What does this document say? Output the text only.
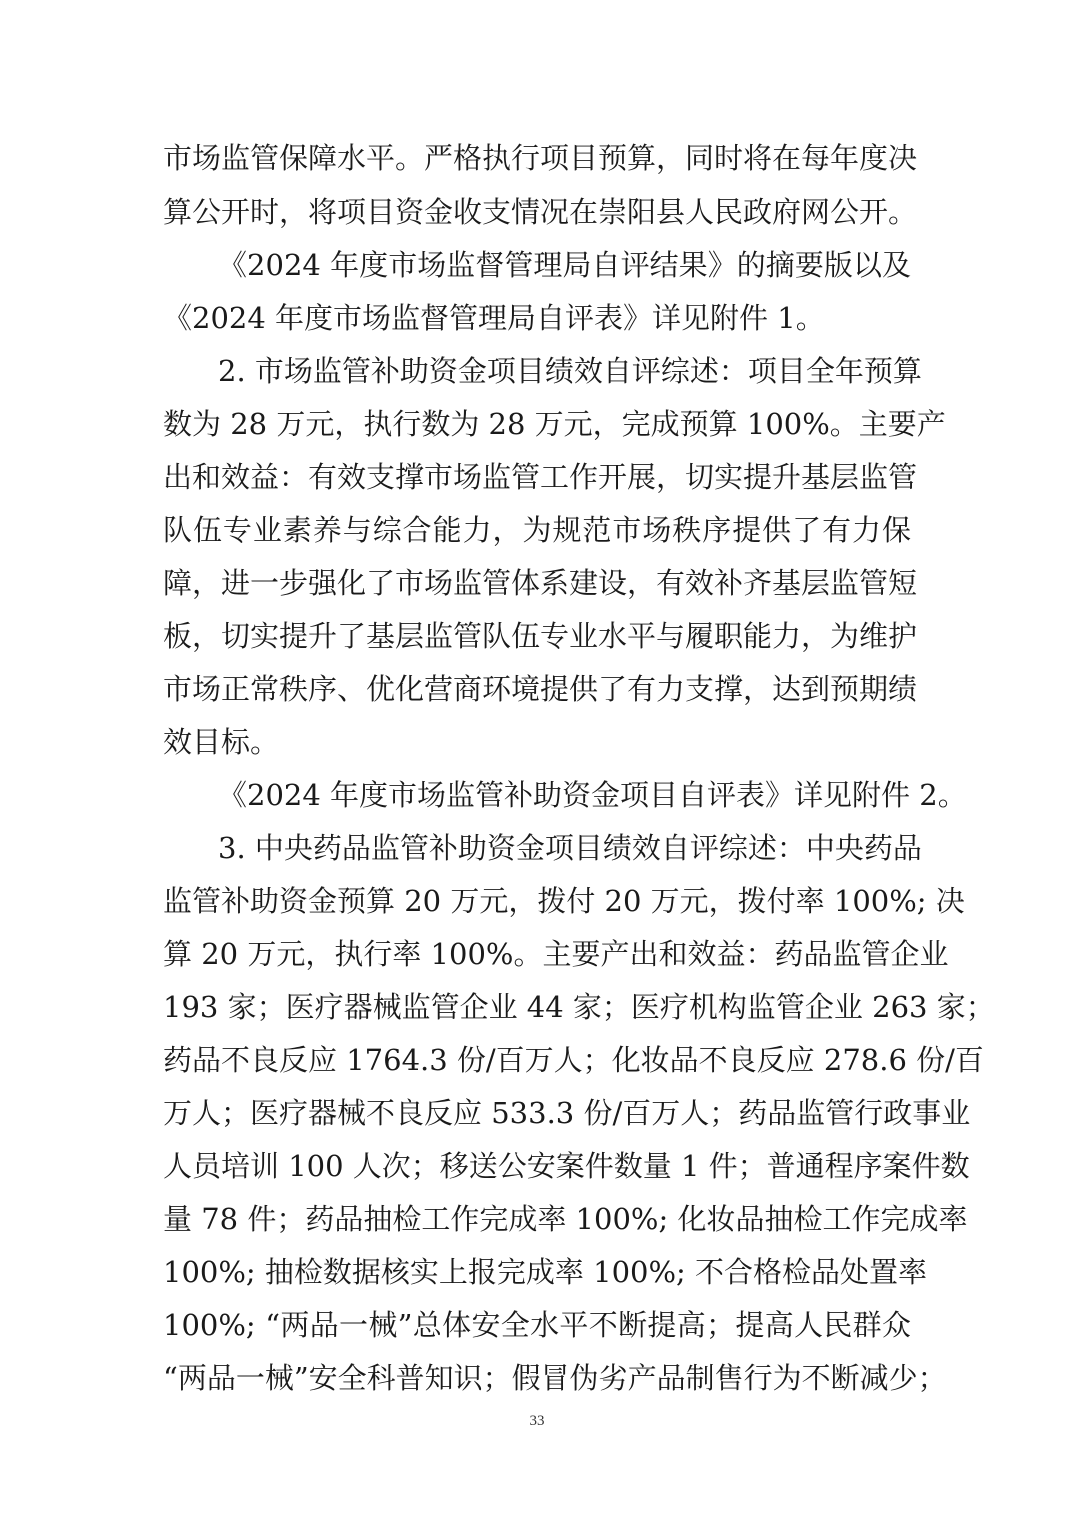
市场监管保障水平。严格执行项目预算，同时将在每年度决
算公开时，将项目资金收支情况在崇阳县人民政府网公开。
《2024 年度市场监督管理局自评结果》的摘要版以及
《2024 年度市场监督管理局自评表》详见附件 1。
2. 市场监管补助资金项目绩效自评综述：项目全年预算
数为 28 万元，执行数为 28 万元，完成预算 100%。主要产
出和效益：有效支撑市场监管工作开展，切实提升基层监管
队伍专业素养与综合能力，为规范市场秩序提供了有力保
障，进一步强化了市场监管体系建设，有效补齐基层监管短
板，切实提升了基层监管队伍专业水平与履职能力，为维护
市场正常秩序、优化营商环境提供了有力支撑，达到预期绩
效目标。
《2024 年度市场监管补助资金项目自评表》详见附件 2。
3. 中央药品监管补助资金项目绩效自评综述：中央药品
监管补助资金预算 20 万元，拨付 20 万元，拨付率 100%; 决
算 20 万元，执行率 100%。主要产出和效益：药品监管企业
193 家；医疗器械监管企业 44 家；医疗机构监管企业 263 家；
药品不良反应 1764.3 份/百万人；化妆品不良反应 278.6 份/百
万人；医疗器械不良反应 533.3 份/百万人；药品监管行政事业
人员培训 100 人次；移送公安案件数量 1 件；普通程序案件数
量 78 件；药品抽检工作完成率 100%; 化妆品抽检工作完成率
100%; 抽检数据核实上报完成率 100%; 不合格检品处置率
100%; “两品一械”总体安全水平不断提高；提高人民群众
“两品一械”安全科普知识；假冒伪劣产品制售行为不断减少；
33
